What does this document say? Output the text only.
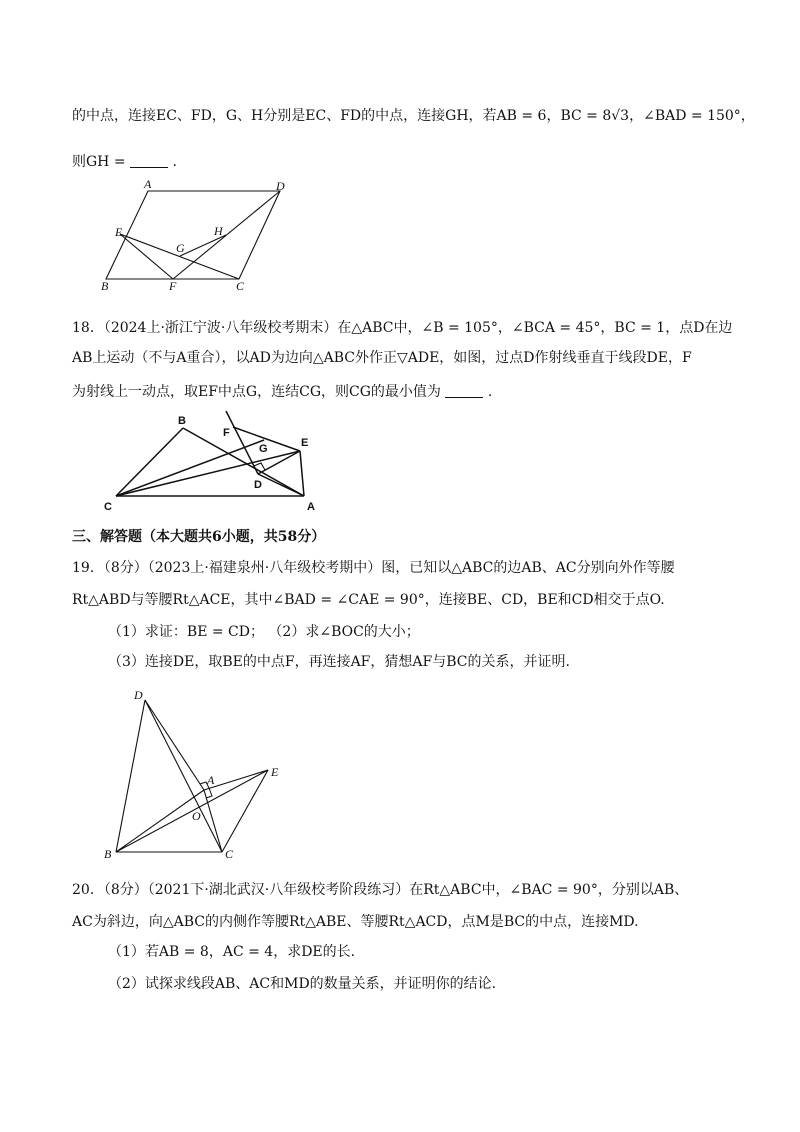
的中点，连接EC、FD，G、H分别是EC、FD的中点，连接GH，若AB = 6，BC = 8√3，∠BAD = 150°，
则GH =	.
A	D
E
G
H
B	F	C
18．（2024上·浙江宁波·八年级校考期末）在△ABC中，∠B = 105°，∠BCA = 45°，BC = 1，点D在边
AB上运动（不与A重合），以AD为边向△ABC外作正▽ADE，如图，过点D作射线垂直于线段DE，F
为射线上一动点，取EF中点G，连结CG，则CG的最小值为	.
B
F
G	E
D
C	A
三、解答题（本大题共6小题，共58分）
19．（8分）（2023上·福建泉州·八年级校考期中）图，已知以△ABC的边AB、AC分别向外作等腰
Rt△ABD与等腰Rt△ACE，其中∠BAD = ∠CAE = 90°，连接BE、CD，BE和CD相交于点O.
（1）求证：BE = CD； （2）求∠BOC的大小；
（3）连接DE，取BE的中点F，再连接AF，猜想AF与BC的关系，并证明.
D
A
E
O
B	C
20．（8分）（2021下·湖北武汉·八年级校考阶段练习）在Rt△ABC中，∠BAC = 90°，分别以AB、
AC为斜边，向△ABC的内侧作等腰Rt△ABE、等腰Rt△ACD，点M是BC的中点，连接MD.
（1）若AB = 8，AC = 4，求DE的长.
（2）试探求线段AB、AC和MD的数量关系，并证明你的结论.
